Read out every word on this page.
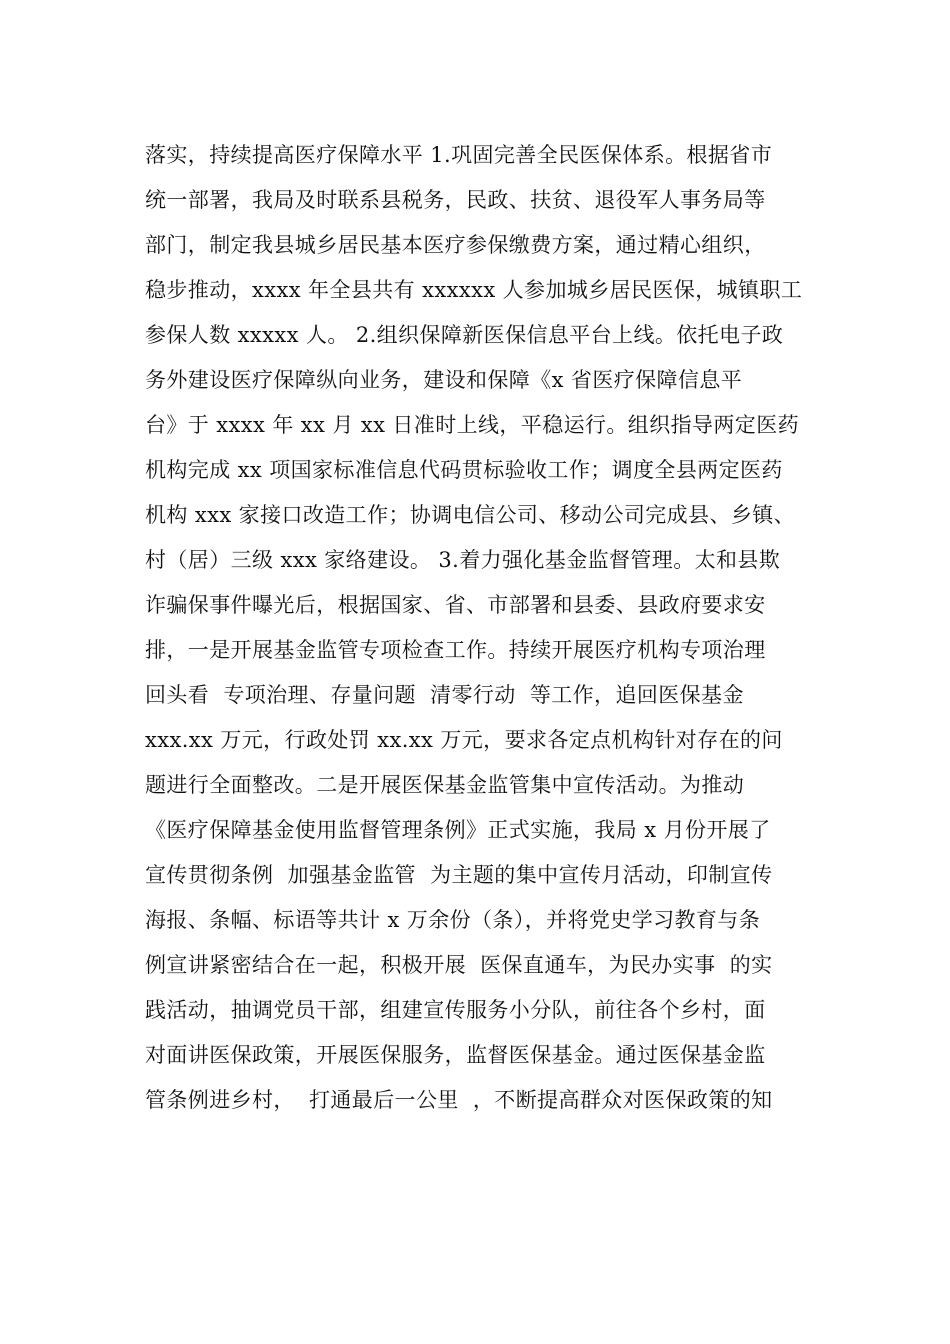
落实，持续提高医疗保障水平 1.巩固完善全民医保体系。根据省市
统一部署，我局及时联系县税务，民政、扶贫、退役军人事务局等
部门，制定我县城乡居民基本医疗参保缴费方案，通过精心组织，
稳步推动，xxxx 年全县共有 xxxxxx 人参加城乡居民医保，城镇职工
参保人数 xxxxx 人。 2.组织保障新医保信息平台上线。依托电子政
务外建设医疗保障纵向业务，建设和保障《x 省医疗保障信息平
台》于 xxxx 年 xx 月 xx 日准时上线，平稳运行。组织指导两定医药
机构完成 xx 项国家标准信息代码贯标验收工作；调度全县两定医药
机构 xxx 家接口改造工作；协调电信公司、移动公司完成县、乡镇、
村（居）三级 xxx 家络建设。 3.着力强化基金监督管理。太和县欺
诈骗保事件曝光后，根据国家、省、市部署和县委、县政府要求安
排，一是开展基金监管专项检查工作。持续开展医疗机构专项治理
回头看  专项治理、存量问题  清零行动  等工作，追回医保基金
xxx.xx 万元，行政处罚 xx.xx 万元，要求各定点机构针对存在的问
题进行全面整改。二是开展医保基金监管集中宣传活动。为推动
《医疗保障基金使用监督管理条例》正式实施，我局 x 月份开展了
宣传贯彻条例  加强基金监管  为主题的集中宣传月活动，印制宣传
海报、条幅、标语等共计 x 万余份（条），并将党史学习教育与条
例宣讲紧密结合在一起，积极开展  医保直通车，为民办实事  的实
践活动，抽调党员干部，组建宣传服务小分队，前往各个乡村，面
对面讲医保政策，开展医保服务，监督医保基金。通过医保基金监
管条例进乡村，  打通最后一公里  ，不断提高群众对医保政策的知
